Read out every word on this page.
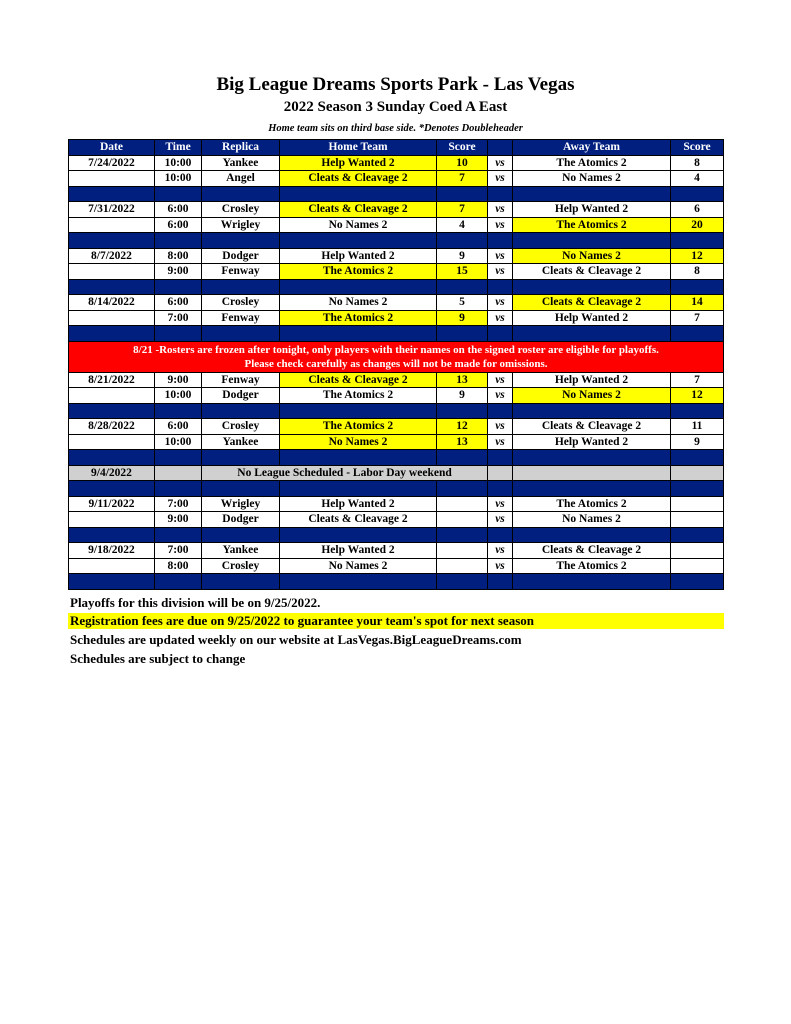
Big League Dreams Sports Park - Las Vegas
2022 Season 3 Sunday Coed A East
Home team sits on third base side. *Denotes Doubleheader
Date	Time	Replica	Home Team	Score		Away Team	Score
7/24/2022	10:00	Yankee	Help Wanted 2	10	vs	The Atomics 2	8
	10:00	Angel	Cleats & Cleavage 2	7	vs	No Names 2	4

7/31/2022	6:00	Crosley	Cleats & Cleavage 2	7	vs	Help Wanted 2	6
	6:00	Wrigley	No Names 2	4	vs	The Atomics 2	20

8/7/2022	8:00	Dodger	Help Wanted 2	9	vs	No Names 2	12
	9:00	Fenway	The Atomics 2	15	vs	Cleats & Cleavage 2	8

8/14/2022	6:00	Crosley	No Names 2	5	vs	Cleats & Cleavage 2	14
	7:00	Fenway	The Atomics 2	9	vs	Help Wanted 2	7

8/21 -Rosters are frozen after tonight, only players with their names on the signed roster are eligible for playoffs.
Please check carefully as changes will not be made for omissions.							

8/21/2022	9:00	Fenway	Cleats & Cleavage 2	13	vs	Help Wanted 2	7
	10:00	Dodger	The Atomics 2	9	vs	No Names 2	12

8/28/2022	6:00	Crosley	The Atomics 2	12	vs	Cleats & Cleavage 2	11
	10:00	Yankee	No Names 2	13	vs	Help Wanted 2	9

9/4/2022		No League Scheduled - Labor Day weekend					

9/11/2022	7:00	Wrigley	Help Wanted 2		vs	The Atomics 2	
	9:00	Dodger	Cleats & Cleavage 2		vs	No Names 2	

9/18/2022	7:00	Yankee	Help Wanted 2		vs	Cleats & Cleavage 2	
	8:00	Crosley	No Names 2		vs	The Atomics 2	

Playoffs for this division will be on 9/25/2022.
Registration fees are due on 9/25/2022 to guarantee your team's spot for next season
Schedules are updated weekly on our website at LasVegas.BigLeagueDreams.com
Schedules are subject to change
